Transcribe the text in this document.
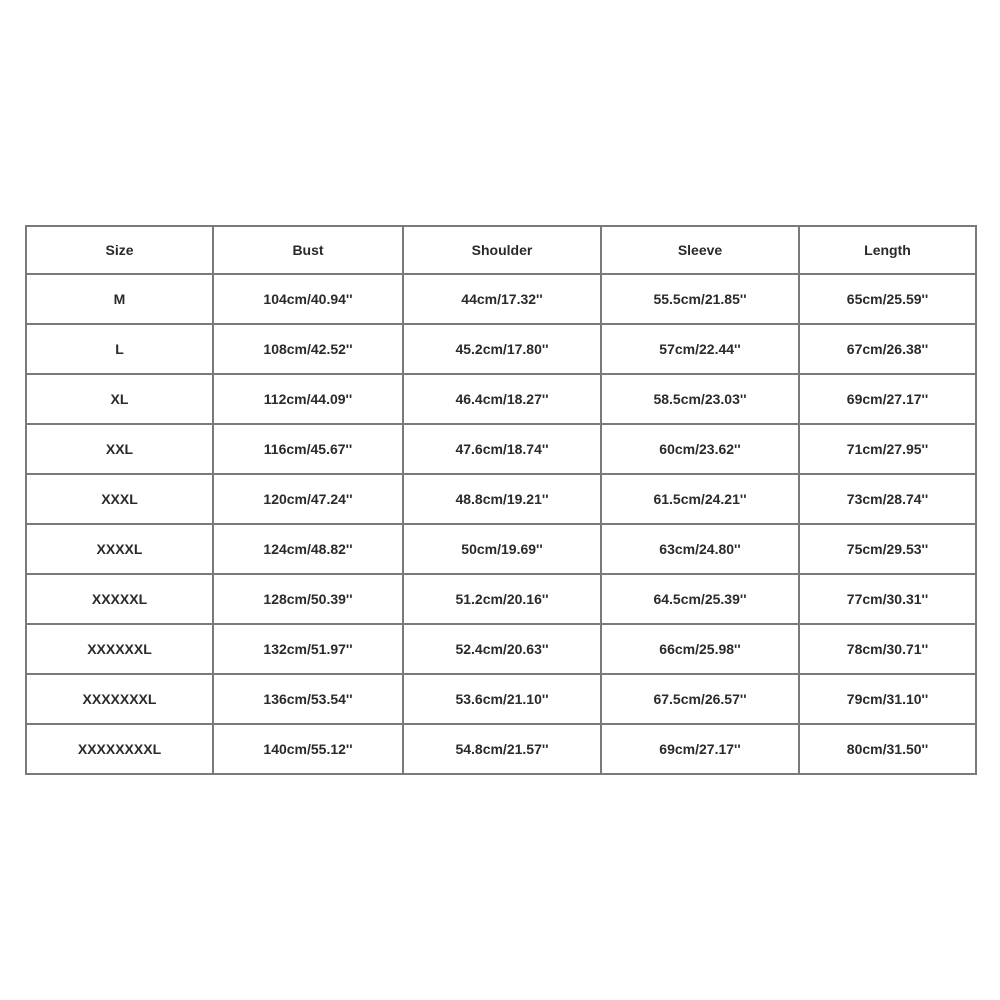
Size	Bust	Shoulder	Sleeve	Length
M	104cm/40.94''	44cm/17.32''	55.5cm/21.85''	65cm/25.59''
L	108cm/42.52''	45.2cm/17.80''	57cm/22.44''	67cm/26.38''
XL	112cm/44.09''	46.4cm/18.27''	58.5cm/23.03''	69cm/27.17''
XXL	116cm/45.67''	47.6cm/18.74''	60cm/23.62''	71cm/27.95''
XXXL	120cm/47.24''	48.8cm/19.21''	61.5cm/24.21''	73cm/28.74''
XXXXL	124cm/48.82''	50cm/19.69''	63cm/24.80''	75cm/29.53''
XXXXXL	128cm/50.39''	51.2cm/20.16''	64.5cm/25.39''	77cm/30.31''
XXXXXXL	132cm/51.97''	52.4cm/20.63''	66cm/25.98''	78cm/30.71''
XXXXXXXL	136cm/53.54''	53.6cm/21.10''	67.5cm/26.57''	79cm/31.10''
XXXXXXXXL	140cm/55.12''	54.8cm/21.57''	69cm/27.17''	80cm/31.50''
